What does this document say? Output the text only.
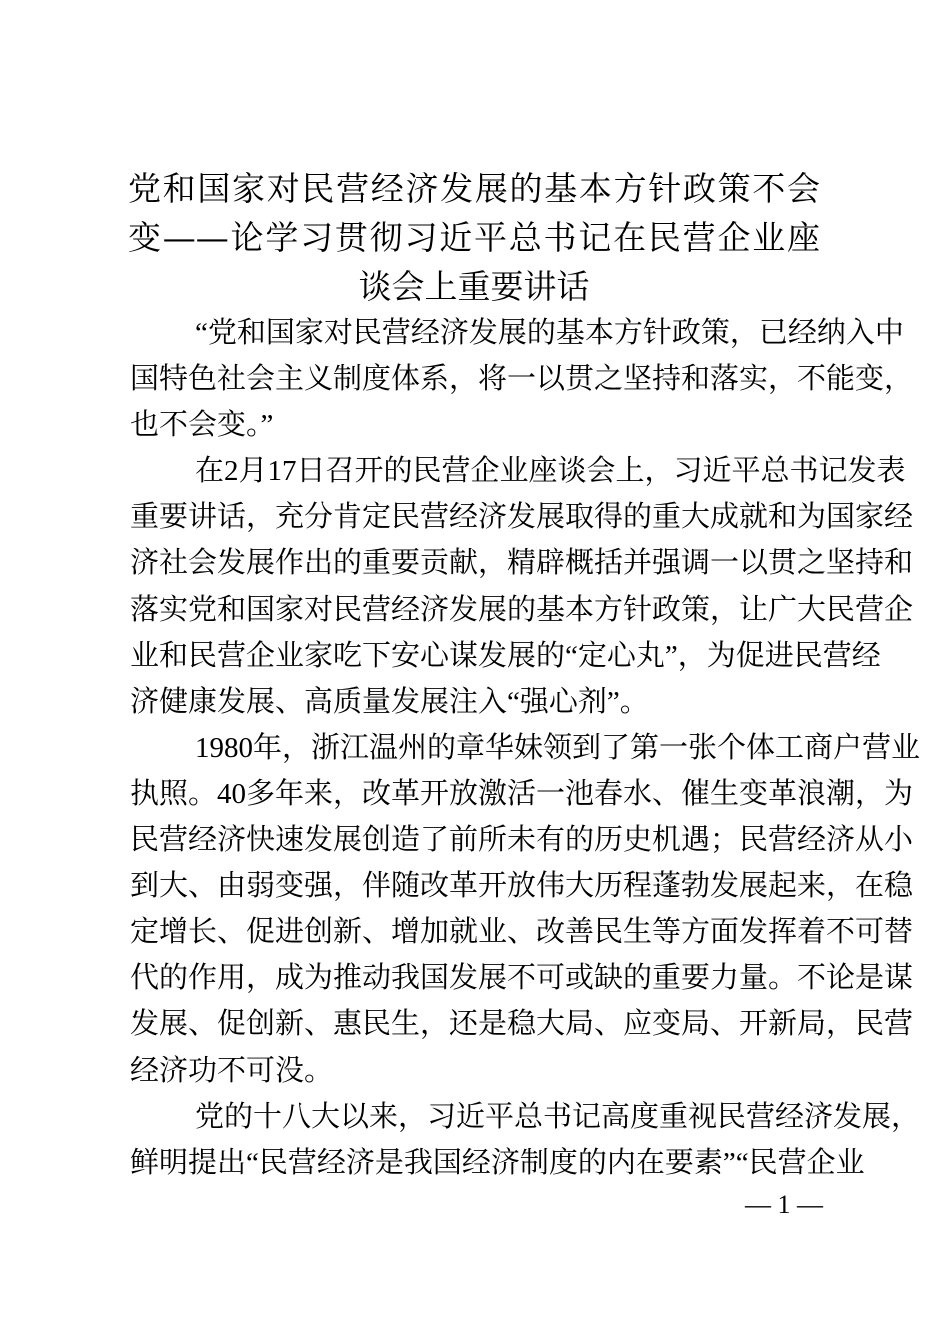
党和国家对民营经济发展的基本方针政策不会
变——论学习贯彻习近平总书记在民营企业座
谈会上重要讲话
“党和国家对民营经济发展的基本方针政策，已经纳入中
国特色社会主义制度体系，将一以贯之坚持和落实，不能变，
也不会变。”
在2月17日召开的民营企业座谈会上，习近平总书记发表
重要讲话，充分肯定民营经济发展取得的重大成就和为国家经
济社会发展作出的重要贡献，精辟概括并强调一以贯之坚持和
落实党和国家对民营经济发展的基本方针政策，让广大民营企
业和民营企业家吃下安心谋发展的“定心丸”，为促进民营经
济健康发展、高质量发展注入“强心剂”。
1980年，浙江温州的章华妹领到了第一张个体工商户营业
执照。40多年来，改革开放激活一池春水、催生变革浪潮，为
民营经济快速发展创造了前所未有的历史机遇；民营经济从小
到大、由弱变强，伴随改革开放伟大历程蓬勃发展起来，在稳
定增长、促进创新、增加就业、改善民生等方面发挥着不可替
代的作用，成为推动我国发展不可或缺的重要力量。不论是谋
发展、促创新、惠民生，还是稳大局、应变局、开新局，民营
经济功不可没。
党的十八大以来，习近平总书记高度重视民营经济发展，
鲜明提出“民营经济是我国经济制度的内在要素”“民营企业
— 1 —
